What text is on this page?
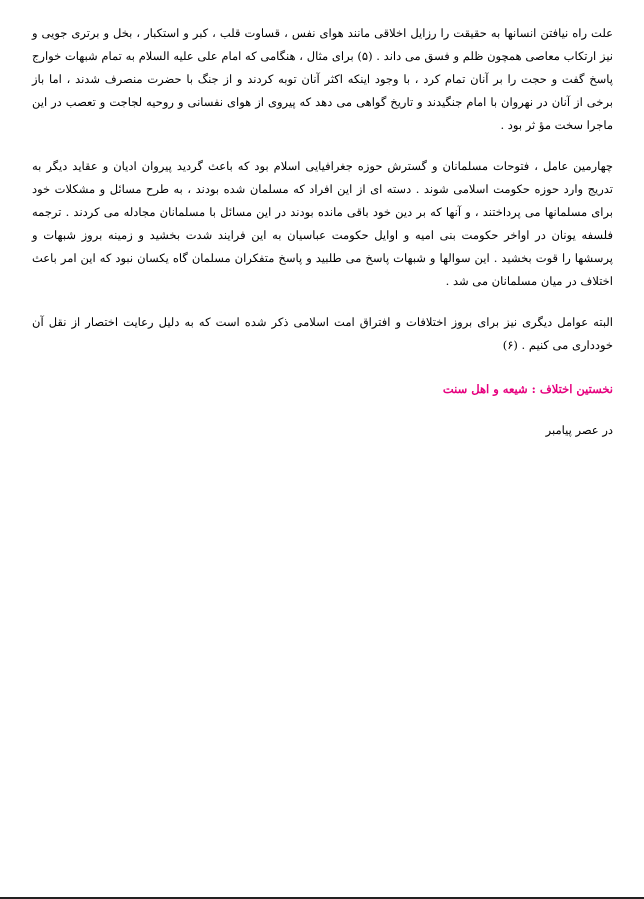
علت راه نیافتن انسانها به حقیقت را رزایل اخلاقی مانند هوای نفس ، قساوت قلب ، کبر و استکبار ، بخل و برتری جویی و نیز ارتکاب معاصی همچون ظلم و فسق می داند . (۵) برای مثال ، هنگامی که امام علی علیه السلام به تمام شبهات خوارج پاسخ گفت و حجت را بر آنان تمام کرد ، با وجود اینکه اکثر آنان توبه کردند و از جنگ با حضرت منصرف شدند ، اما باز برخی از آنان در نهروان با امام جنگیدند و تاریخ گواهی می دهد که پیروی از هوای نفسانی و روحیه لجاجت و تعصب در این ماجرا سخت مؤ ثر بود .

چهارمین عامل ، فتوحات مسلمانان و گسترش حوزه جغرافیایی اسلام بود که باعث گردید پیروان ادیان و عقاید دیگر به تدریج وارد حوزه حکومت اسلامی شوند . دسته ای از این افراد که مسلمان شده بودند ، به طرح مسائل و مشکلات خود برای مسلمانها می پرداختند ، و آنها که بر دین خود باقی مانده بودند در این مسائل با مسلمانان مجادله می کردند . ترجمه فلسفه یونان در اواخر حکومت بنی امیه و اوایل حکومت عباسیان به این فرایند شدت بخشید و زمینه بروز شبهات و پرسشها را قوت بخشید . این سوالها و شبهات پاسخ می طلبید و پاسخ متفکران مسلمان گاه یکسان نبود که این امر باعث اختلاف در میان مسلمانان می شد .

البته عوامل دیگری نیز برای بروز اختلافات و افتراق امت اسلامی ذکر شده است که به دلیل رعایت اختصار از نقل آن خودداری می کنیم . (۶)

نخستین اختلاف : شیعه و اهل سنت

در عصر پیامبر
